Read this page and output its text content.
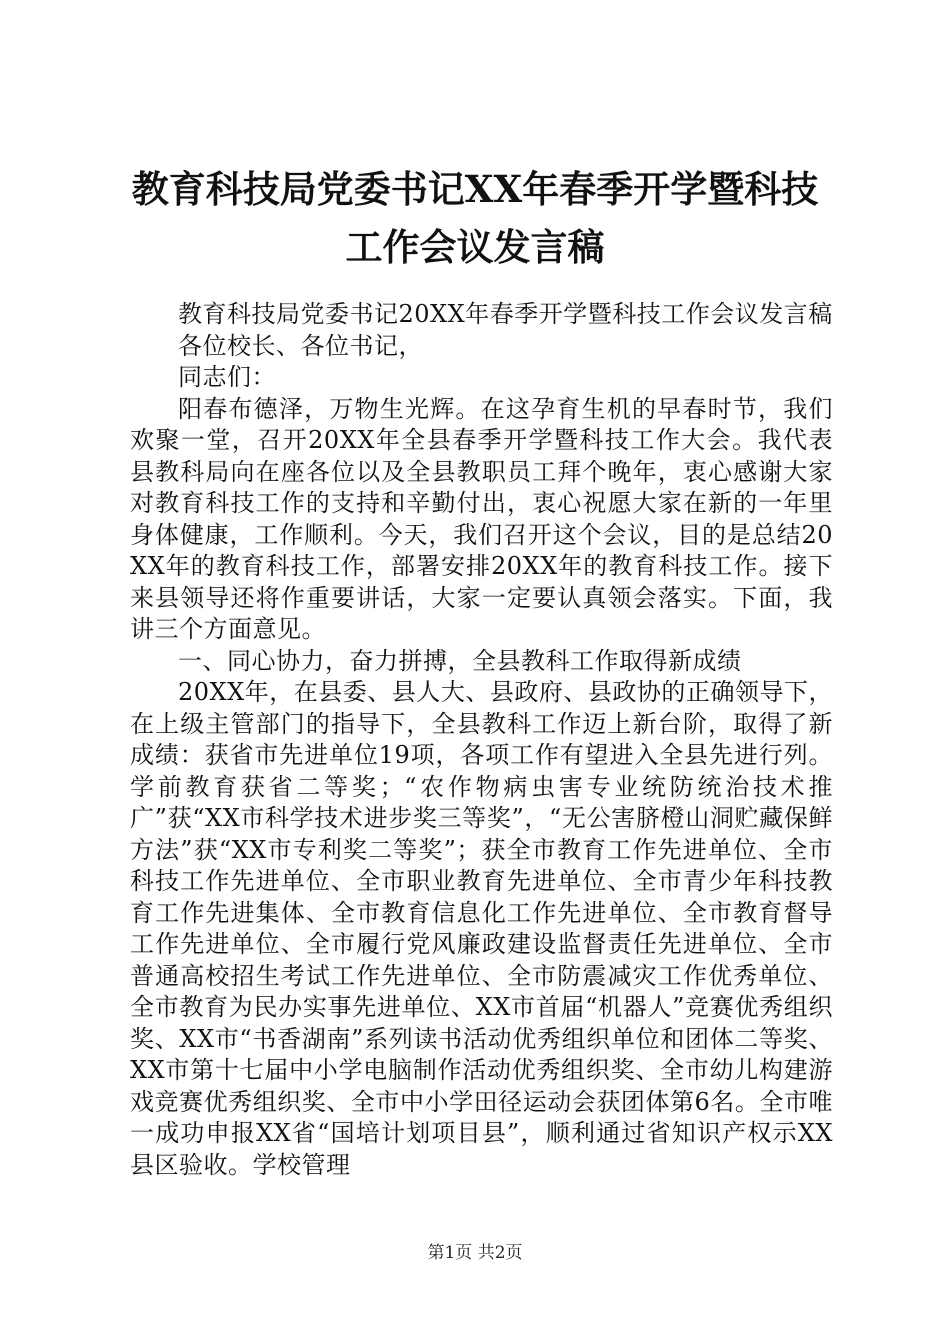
教育科技局党委书记XX年春季开学暨科技工作会议发言稿

教育科技局党委书记20XX年春季开学暨科技工作会议发言稿

各位校长、各位书记，

同志们：

阳春布德泽，万物生光辉。在这孕育生机的早春时节，我们欢聚一堂，召开20XX年全县春季开学暨科技工作大会。我代表县教科局向在座各位以及全县教职员工拜个晚年，衷心感谢大家对教育科技工作的支持和辛勤付出，衷心祝愿大家在新的一年里身体健康，工作顺利。今天，我们召开这个会议，目的是总结20XX年的教育科技工作，部署安排20XX年的教育科技工作。接下来县领导还将作重要讲话，大家一定要认真领会落实。下面，我讲三个方面意见。

一、同心协力，奋力拼搏，全县教科工作取得新成绩

20XX年，在县委、县人大、县政府、县政协的正确领导下，在上级主管部门的指导下，全县教科工作迈上新台阶，取得了新成绩：获省市先进单位19项，各项工作有望进入全县先进行列。学前教育获省二等奖；“农作物病虫害专业统防统治技术推广”获“XX市科学技术进步奖三等奖”，“无公害脐橙山洞贮藏保鲜方法”获“XX市专利奖二等奖”；获全市教育工作先进单位、全市科技工作先进单位、全市职业教育先进单位、全市青少年科技教育工作先进集体、全市教育信息化工作先进单位、全市教育督导工作先进单位、全市履行党风廉政建设监督责任先进单位、全市普通高校招生考试工作先进单位、全市防震减灾工作优秀单位、全市教育为民办实事先进单位、XX市首届“机器人”竞赛优秀组织奖、XX市“书香湖南”系列读书活动优秀组织单位和团体二等奖、XX市第十七届中小学电脑制作活动优秀组织奖、全市幼儿构建游戏竞赛优秀组织奖、全市中小学田径运动会获团体第6名。全市唯一成功申报XX省“国培计划项目县”，顺利通过省知识产权示XX县区验收。学校管理

第1页 共2页
